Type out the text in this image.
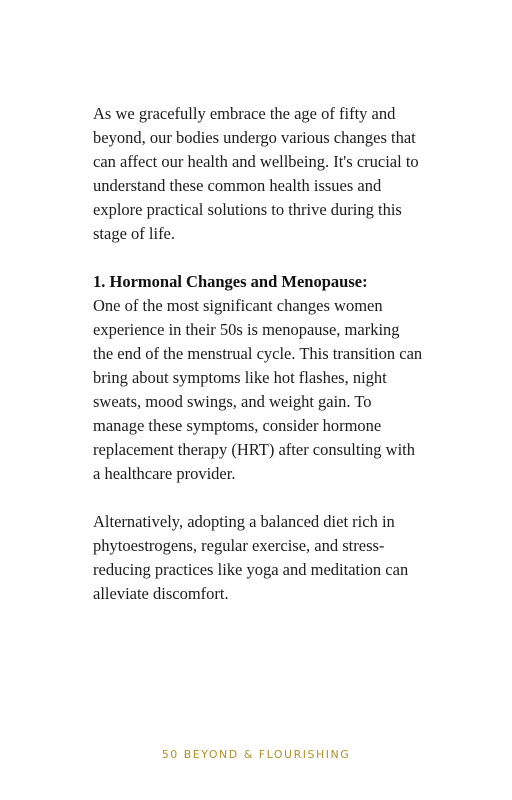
As we gracefully embrace the age of fifty and beyond, our bodies undergo various changes that can affect our health and wellbeing. It's crucial to understand these common health issues and explore practical solutions to thrive during this stage of life.

1. Hormonal Changes and Menopause:

One of the most significant changes women experience in their 50s is menopause, marking the end of the menstrual cycle. This transition can bring about symptoms like hot flashes, night sweats, mood swings, and weight gain. To manage these symptoms, consider hormone replacement therapy (HRT) after consulting with a healthcare provider.

Alternatively, adopting a balanced diet rich in phytoestrogens, regular exercise, and stress-reducing practices like yoga and meditation can alleviate discomfort.

50 BEYOND & FLOURISHING
